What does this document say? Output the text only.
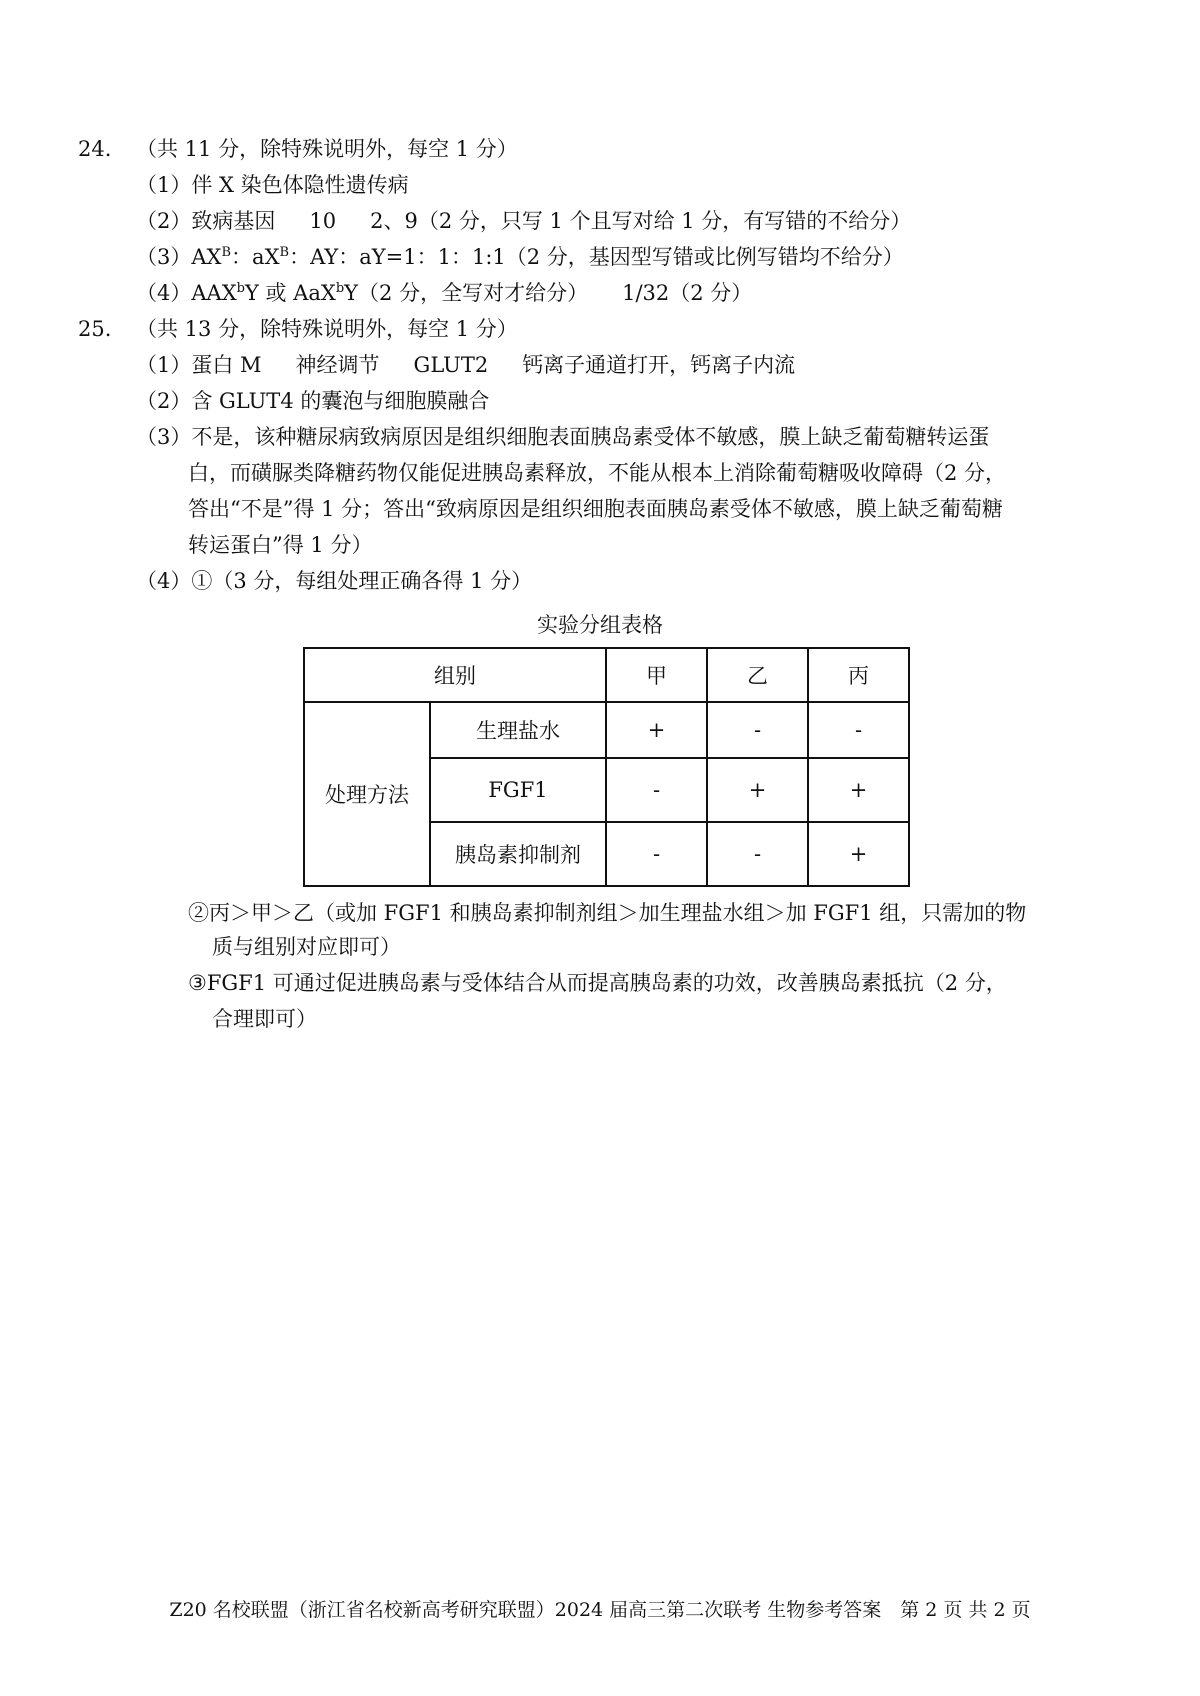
24. （共 11 分，除特殊说明外，每空 1 分）
（1）伴 X 染色体隐性遗传病
（2）致病基因 10 2、9（2 分，只写 1 个且写对给 1 分，有写错的不给分）
$(3)AX^B$：$aX^B$：AY：aY=1：1：1:1（2 分，基因型写错或比例写错均不给分）
（4）AAX$^b$Y 或 AaX$^b$Y（2 分，全写对才给分） 1/32（2 分）
25. （共 13 分，除特殊说明外，每空 1 分）
（1）蛋白 M 神经调节 GLUT2 钙离子通道打开，钙离子内流
（2）含 GLUT4 的囊泡与细胞膜融合
（3）不是，该种糖尿病致病原因是组织细胞表面胰岛素受体不敏感，膜上缺乏葡萄糖转运蛋
白，而磺脲类降糖药物仅能促进胰岛素释放，不能从根本上消除葡萄糖吸收障碍（2 分，
答出“不是”得 1 分；答出“致病原因是组织细胞表面胰岛素受体不敏感，膜上缺乏葡萄糖
转运蛋白”得 1 分）
（4）①（3 分，每组处理正确各得 1 分）
实验分组表格
组别		甲	乙	丙
处理方法	生理盐水	+	-	-
	FGF1	-	+	+
	胰岛素抑制剂	-	-	+
②丙＞甲＞乙（或加 FGF1 和胰岛素抑制剂组＞加生理盐水组＞加 FGF1 组，只需加的物
质与组别对应即可）
③FGF1 可通过促进胰岛素与受体结合从而提高胰岛素的功效，改善胰岛素抵抗（2 分，
合理即可）
Z20 名校联盟（浙江省名校新高考研究联盟）2024 届高三第二次联考 生物参考答案　第 2 页 共 2 页
